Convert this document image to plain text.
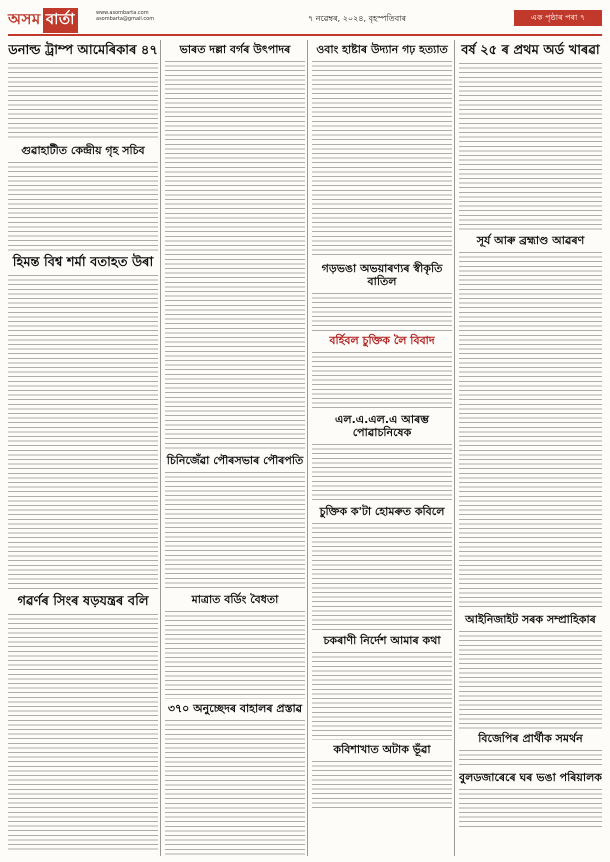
অসম বাৰ্তা	www.asombarta.com
asombarta@gmail.com	৭ নৱেম্বৰ, ২০২৪, বৃহস্পতিবাৰ	এক পৃষ্ঠাৰ পৰা ৭
ডনাল্ড ট্ৰাম্প আমেৰিকাৰ ৪৭
গুৱাহাটীত কেন্দ্ৰীয় গৃহ সচিব
হিমন্ত বিশ্ব শৰ্মা বতাহত উৰা
গৱৰ্ণৰ সিংৰ ষড়যন্ত্ৰৰ বলি
ভাৰত দল্লা বৰ্গৰ উৎপাদৰ
চিনিজেঁৱা পৌৰসভাৰ পৌৰপতি
মাত্ৰাত বৰ্ডিং বৈধতা
৩৭০ অনুচ্ছেদৰ বাহালৰ প্ৰস্তাৱ
ওবাং হাষ্টাৰ উদ্যান গঢ় হত্যাত
গড়ভঙা অভয়াৰণ্যৰ স্বীকৃতি বাতিল
বৰ্হিবল চুক্তিক লৈ বিবাদ
এল.এ.এল.এ আৰম্ভ পোৱাচনিষেক
চুক্তিক ক'টা হোমৰুত কবিলে
চকৰাণী নিৰ্দেশ আমাৰ কথা
কবিশাখাত অটাক ভূঁৱা
বৰ্ষ ২৫ ৰ প্ৰথম অৰ্ড খাৰৱা
সূৰ্য আৰু ব্ৰহ্মাণ্ড আৱৰণ
আইনিজাইট সৰক সম্প্ৰাহিকাৰ
বিজেপিৰ প্ৰাৰ্থীক সমৰ্থন
বুলডজাৰেৰে ঘৰ ভঙা পৰিয়ালক
